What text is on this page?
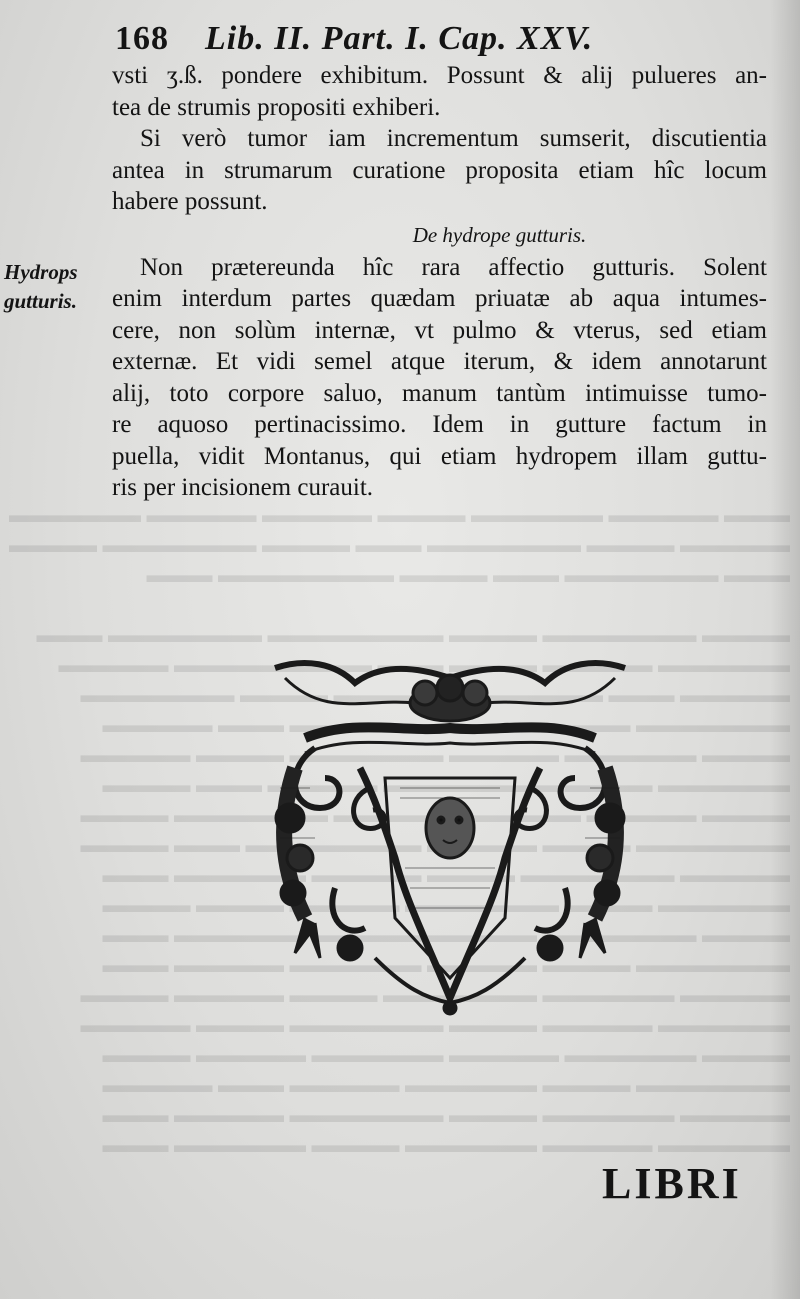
▬▬▬ ▬▬▬▬▬ ▬▬▬▬▬▬ ▬▬▬▬ ▬▬▬▬▬ ▬▬▬▬▬ ▬▬▬▬▬▬
▬▬▬▬▬ ▬▬▬▬ ▬▬▬▬▬▬▬ ▬▬▬ ▬▬▬▬ ▬▬▬▬▬▬▬ ▬▬▬▬
▬▬▬ ▬▬▬▬▬▬▬ ▬▬▬ ▬▬▬▬ ▬▬▬▬▬▬▬▬ ▬▬▬

▬▬▬▬ ▬▬▬▬▬▬▬ ▬▬▬▬ ▬▬▬▬▬▬▬▬ ▬▬▬▬▬▬▬ ▬▬▬
▬▬▬▬▬▬ ▬▬▬▬▬ ▬▬▬▬ ▬▬▬ ▬▬▬▬▬▬▬▬▬ ▬▬▬▬▬
▬▬▬▬▬ ▬▬▬ ▬▬▬▬▬▬▬ ▬▬▬▬▬ ▬▬▬▬ ▬▬▬▬▬▬▬
▬▬▬▬▬▬▬ ▬▬▬▬ ▬▬▬▬▬ ▬▬▬▬▬▬ ▬▬▬ ▬▬▬▬▬
▬▬▬▬ ▬▬▬▬▬▬ ▬▬▬▬▬ ▬▬▬▬▬▬▬ ▬▬▬▬ ▬▬▬▬▬
▬▬▬▬▬▬ ▬▬▬▬ ▬▬▬▬▬▬▬▬ ▬▬▬▬▬ ▬▬▬ ▬▬▬▬
▬▬▬▬ ▬▬▬▬▬ ▬▬▬▬▬▬ ▬▬▬▬▬ ▬▬▬▬▬▬▬ ▬▬▬▬
▬▬▬▬▬▬▬ ▬▬▬▬ ▬▬▬▬▬ ▬▬▬▬▬▬▬▬ ▬▬▬ ▬▬▬▬
▬▬▬▬▬ ▬▬▬▬▬▬▬ ▬▬▬▬ ▬▬▬▬▬ ▬▬▬▬▬▬ ▬▬▬
▬▬▬▬▬▬ ▬▬▬▬ ▬▬▬▬▬▬▬ ▬▬▬▬▬ ▬▬▬▬ ▬▬▬▬
▬▬▬▬ ▬▬▬▬▬▬▬ ▬▬▬▬▬ ▬▬▬▬▬ ▬▬▬▬▬▬ ▬▬▬
▬▬▬▬▬▬▬ ▬▬▬▬ ▬▬▬▬▬ ▬▬▬▬▬▬ ▬▬▬▬▬ ▬▬▬
▬▬▬▬▬ ▬▬▬▬▬▬ ▬▬▬▬▬▬▬ ▬▬▬▬ ▬▬▬▬▬ ▬▬▬▬
▬▬▬▬▬▬ ▬▬▬▬▬ ▬▬▬▬ ▬▬▬▬▬▬▬ ▬▬▬▬ ▬▬▬▬▬
▬▬▬▬ ▬▬▬▬▬▬ ▬▬▬▬▬ ▬▬▬▬▬▬ ▬▬▬▬▬ ▬▬▬▬
▬▬▬▬▬▬▬ ▬▬▬▬ ▬▬▬▬▬▬ ▬▬▬▬▬ ▬▬▬ ▬▬▬▬▬
▬▬▬▬▬ ▬▬▬▬▬▬ ▬▬▬▬ ▬▬▬▬▬▬▬ ▬▬▬▬▬ ▬▬▬
▬▬▬▬▬▬ ▬▬▬▬▬ ▬▬▬▬▬▬ ▬▬▬▬ ▬▬▬▬▬▬ ▬▬▬
168 Lib. II. Part. I. Cap. XXV.
Hydrops
gutturis.
vsti ʒ.ß. pondere exhibitum. Possunt & alij pulueres an-
tea de strumis propositi exhiberi.
Si verò tumor iam incrementum sumserit, discutientia
antea in strumarum curatione proposita etiam hîc locum
habere possunt.
De hydrope gutturis.
Non prætereunda hîc rara affectio gutturis. Solent
enim interdum partes quædam priuatæ ab aqua intumes-
cere, non solùm internæ, vt pulmo & vterus, sed etiam
externæ. Et vidi semel atque iterum, & idem annotarunt
alij, toto corpore saluo, manum tantùm intimuisse tumo-
re aquoso pertinacissimo. Idem in gutture factum in
puella, vidit Montanus, qui etiam hydropem illam guttu-
ris per incisionem curauit.
LIBRI
